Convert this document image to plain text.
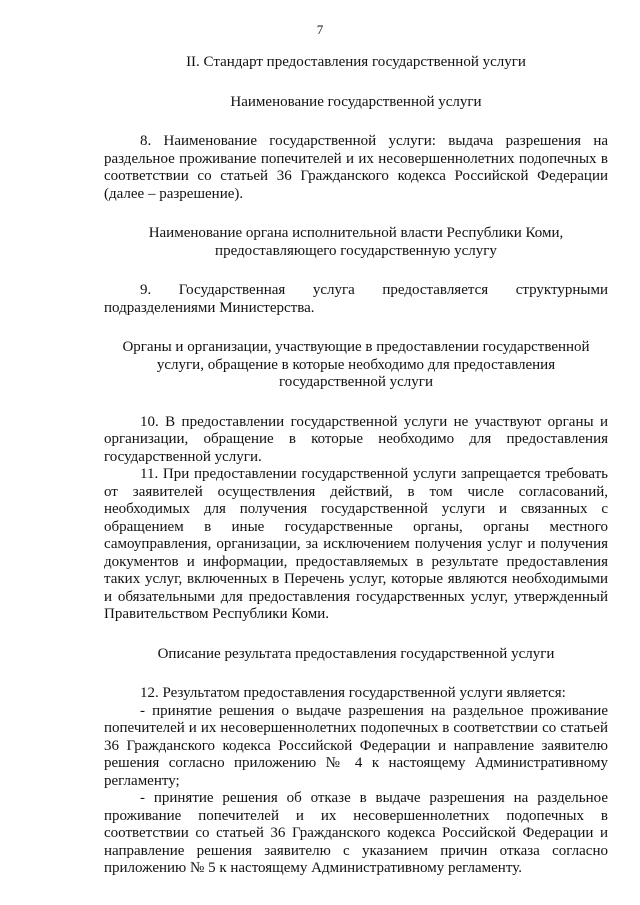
7

II. Стандарт предоставления государственной услуги

Наименование государственной услуги

8. Наименование государственной услуги: выдача разрешения на раздельное проживание попечителей и их несовершеннолетних подопечных в соответствии со статьей 36 Гражданского кодекса Российской Федерации (далее – разрешение).

Наименование органа исполнительной власти Республики Коми, предоставляющего государственную услугу

9. Государственная услуга предоставляется структурными подразделениями Министерства.

Органы и организации, участвующие в предоставлении государственной услуги, обращение в которые необходимо для предоставления государственной услуги

10. В предоставлении государственной услуги не участвуют органы и организации, обращение в которые необходимо для предоставления государственной услуги.

11. При предоставлении государственной услуги запрещается требовать от заявителей осуществления действий, в том числе согласований, необходимых для получения государственной услуги и связанных с обращением в иные государственные органы, органы местного самоуправления, организации, за исключением получения услуг и получения документов и информации, предоставляемых в результате предоставления таких услуг, включенных в Перечень услуг, которые являются необходимыми и обязательными для предоставления государственных услуг, утвержденный Правительством Республики Коми.

Описание результата предоставления государственной услуги

12. Результатом предоставления государственной услуги является:

- принятие решения о выдаче разрешения на раздельное проживание попечителей и их несовершеннолетних подопечных в соответствии со статьей 36 Гражданского кодекса Российской Федерации и направление заявителю решения согласно приложению № 4 к настоящему Административному регламенту;

- принятие решения об отказе в выдаче разрешения на раздельное проживание попечителей и их несовершеннолетних подопечных в соответствии со статьей 36 Гражданского кодекса Российской Федерации и направление решения заявителю с указанием причин отказа согласно приложению № 5 к настоящему Административному регламенту.
